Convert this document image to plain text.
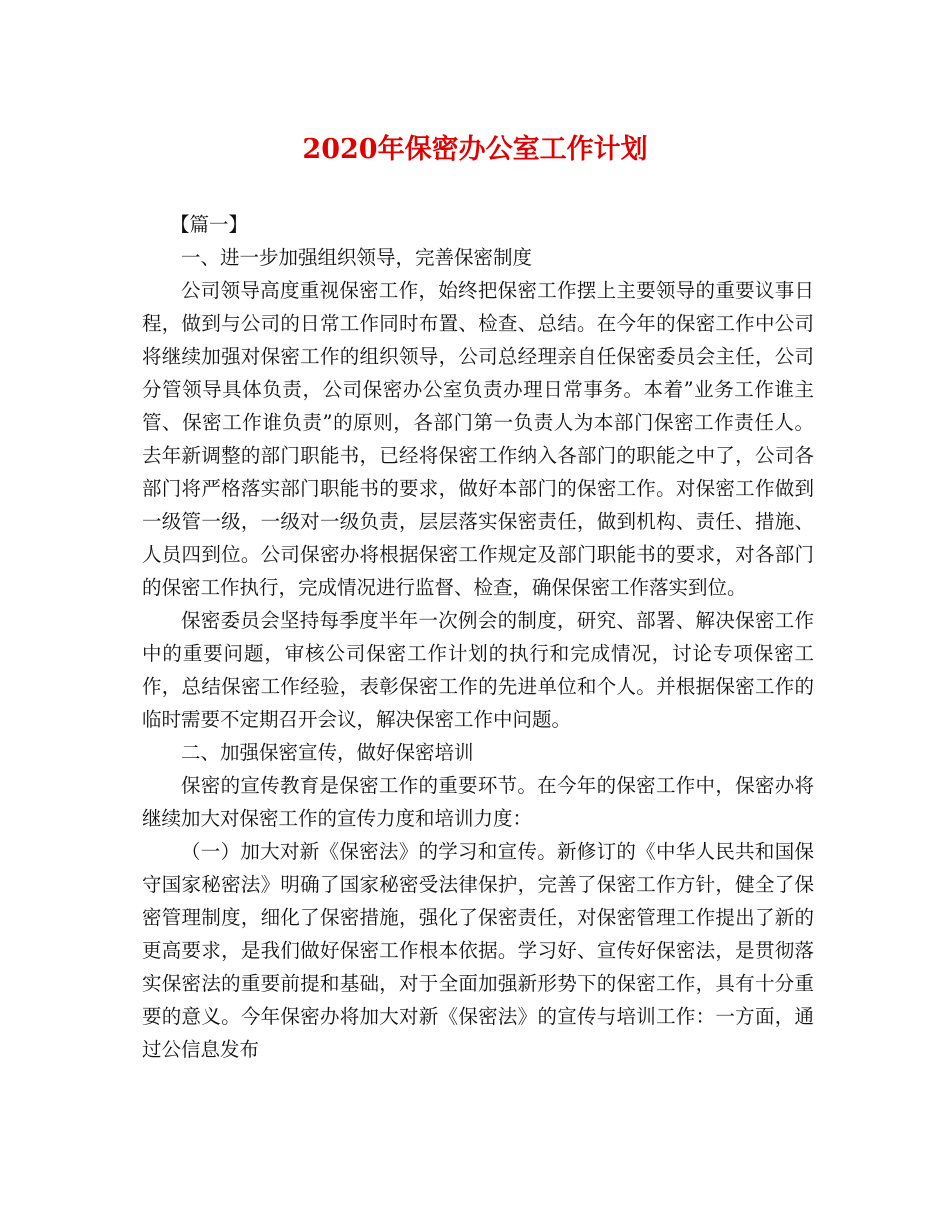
2020年保密办公室工作计划

【篇一】

一、进一步加强组织领导，完善保密制度

公司领导高度重视保密工作，始终把保密工作摆上主要领导的重要议事日程，做到与公司的日常工作同时布置、检查、总结。在今年的保密工作中公司将继续加强对保密工作的组织领导，公司总经理亲自任保密委员会主任，公司分管领导具体负责，公司保密办公室负责办理日常事务。本着”业务工作谁主管、保密工作谁负责”的原则，各部门第一负责人为本部门保密工作责任人。去年新调整的部门职能书，已经将保密工作纳入各部门的职能之中了，公司各部门将严格落实部门职能书的要求，做好本部门的保密工作。对保密工作做到一级管一级，一级对一级负责，层层落实保密责任，做到机构、责任、措施、人员四到位。公司保密办将根据保密工作规定及部门职能书的要求，对各部门的保密工作执行，完成情况进行监督、检查，确保保密工作落实到位。

保密委员会坚持每季度半年一次例会的制度，研究、部署、解决保密工作中的重要问题，审核公司保密工作计划的执行和完成情况，讨论专项保密工作，总结保密工作经验，表彰保密工作的先进单位和个人。并根据保密工作的临时需要不定期召开会议，解决保密工作中问题。

二、加强保密宣传，做好保密培训

保密的宣传教育是保密工作的重要环节。在今年的保密工作中，保密办将继续加大对保密工作的宣传力度和培训力度：

（一）加大对新《保密法》的学习和宣传。新修订的《中华人民共和国保守国家秘密法》明确了国家秘密受法律保护，完善了保密工作方针，健全了保密管理制度，细化了保密措施，强化了保密责任，对保密管理工作提出了新的更高要求，是我们做好保密工作根本依据。学习好、宣传好保密法，是贯彻落实保密法的重要前提和基础，对于全面加强新形势下的保密工作，具有十分重要的意义。今年保密办将加大对新《保密法》的宣传与培训工作：一方面，通过公信息发布
